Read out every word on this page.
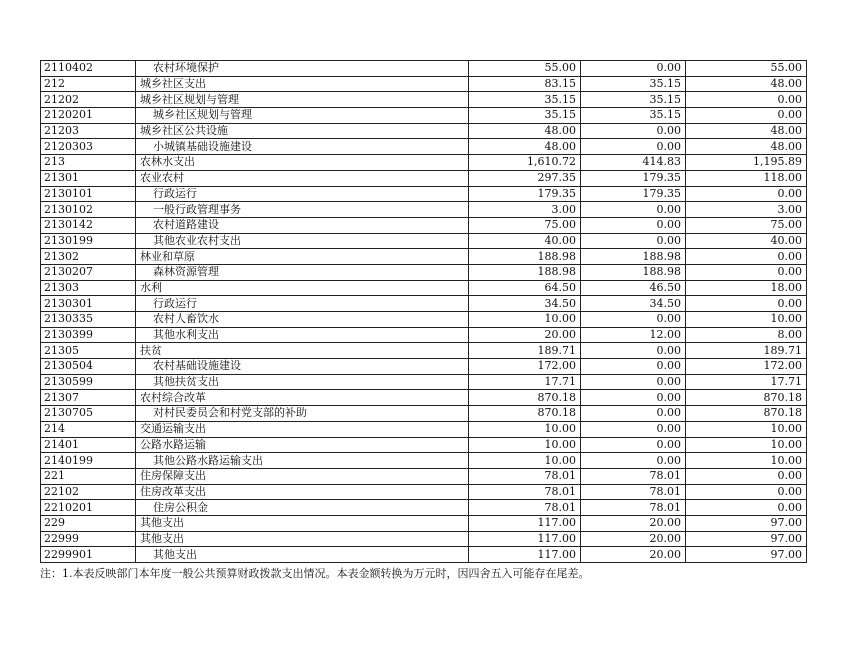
2110402	农村环境保护	55.00	0.00	55.00
212	城乡社区支出	83.15	35.15	48.00
21202	城乡社区规划与管理	35.15	35.15	0.00
2120201	城乡社区规划与管理	35.15	35.15	0.00
21203	城乡社区公共设施	48.00	0.00	48.00
2120303	小城镇基础设施建设	48.00	0.00	48.00
213	农林水支出	1,610.72	414.83	1,195.89
21301	农业农村	297.35	179.35	118.00
2130101	行政运行	179.35	179.35	0.00
2130102	一般行政管理事务	3.00	0.00	3.00
2130142	农村道路建设	75.00	0.00	75.00
2130199	其他农业农村支出	40.00	0.00	40.00
21302	林业和草原	188.98	188.98	0.00
2130207	森林资源管理	188.98	188.98	0.00
21303	水利	64.50	46.50	18.00
2130301	行政运行	34.50	34.50	0.00
2130335	农村人畜饮水	10.00	0.00	10.00
2130399	其他水利支出	20.00	12.00	8.00
21305	扶贫	189.71	0.00	189.71
2130504	农村基础设施建设	172.00	0.00	172.00
2130599	其他扶贫支出	17.71	0.00	17.71
21307	农村综合改革	870.18	0.00	870.18
2130705	对村民委员会和村党支部的补助	870.18	0.00	870.18
214	交通运输支出	10.00	0.00	10.00
21401	公路水路运输	10.00	0.00	10.00
2140199	其他公路水路运输支出	10.00	0.00	10.00
221	住房保障支出	78.01	78.01	0.00
22102	住房改革支出	78.01	78.01	0.00
2210201	住房公积金	78.01	78.01	0.00
229	其他支出	117.00	20.00	97.00
22999	其他支出	117.00	20.00	97.00
2299901	其他支出	117.00	20.00	97.00
注：1.本表反映部门本年度一般公共预算财政拨款支出情况。本表金额转换为万元时，因四舍五入可能存在尾差。
